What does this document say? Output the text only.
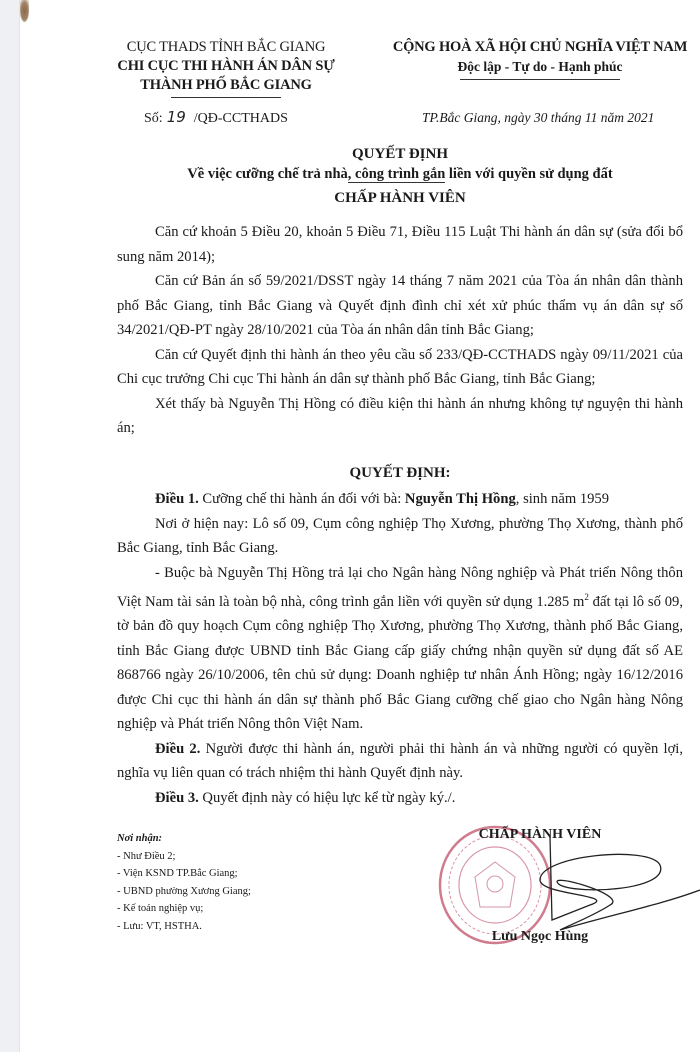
CỤC THADS TỈNH BẮC GIANG
CHI CỤC THI HÀNH ÁN DÂN SỰ
THÀNH PHỐ BẮC GIANG
CỘNG HOÀ XÃ HỘI CHỦ NGHĨA VIỆT NAM
Độc lập - Tự do - Hạnh phúc
Số: 19 /QĐ-CCTHADS	TP.Bắc Giang, ngày 30 tháng 11 năm 2021
QUYẾT ĐỊNH
Về việc cưỡng chế trả nhà, công trình gắn liền với quyền sử dụng đất
CHẤP HÀNH VIÊN

Căn cứ khoản 5 Điều 20, khoản 5 Điều 71, Điều 115 Luật Thi hành án dân sự (sửa đổi bổ sung năm 2014);

Căn cứ Bản án số 59/2021/DSST ngày 14 tháng 7 năm 2021 của Tòa án nhân dân thành phố Bắc Giang, tỉnh Bắc Giang và Quyết định đình chỉ xét xử phúc thẩm vụ án dân sự số 34/2021/QĐ-PT ngày 28/10/2021 của Tòa án nhân dân tỉnh Bắc Giang;

Căn cứ Quyết định thi hành án theo yêu cầu số 233/QĐ-CCTHADS ngày 09/11/2021 của Chi cục trưởng Chi cục Thi hành án dân sự thành phố Bắc Giang, tỉnh Bắc Giang;

Xét thấy bà Nguyễn Thị Hồng có điều kiện thi hành án nhưng không tự nguyện thi hành án;

QUYẾT ĐỊNH:

Điều 1. Cưỡng chế thi hành án đối với bà: Nguyễn Thị Hồng, sinh năm 1959

Nơi ở hiện nay: Lô số 09, Cụm công nghiệp Thọ Xương, phường Thọ Xương, thành phố Bắc Giang, tỉnh Bắc Giang.

- Buộc bà Nguyễn Thị Hồng trả lại cho Ngân hàng Nông nghiệp và Phát triển Nông thôn Việt Nam tài sản là toàn bộ nhà, công trình gắn liền với quyền sử dụng 1.285 $m^2$ đất tại lô số 09, tờ bản đồ quy hoạch Cụm công nghiệp Thọ Xương, phường Thọ Xương, thành phố Bắc Giang, tỉnh Bắc Giang được UBND tỉnh Bắc Giang cấp giấy chứng nhận quyền sử dụng đất số AE 868766 ngày 26/10/2006, tên chủ sử dụng: Doanh nghiệp tư nhân Ánh Hồng; ngày 16/12/2016 được Chi cục thi hành án dân sự thành phố Bắc Giang cưỡng chế giao cho Ngân hàng Nông nghiệp và Phát triển Nông thôn Việt Nam.

Điều 2. Người được thi hành án, người phải thi hành án và những người có quyền lợi, nghĩa vụ liên quan có trách nhiệm thi hành Quyết định này.

Điều 3. Quyết định này có hiệu lực kể từ ngày ký./.

Nơi nhận:
- Như Điều 2;
- Viện KSND TP.Bắc Giang;
- UBND phường Xương Giang;
- Kế toán nghiệp vụ;
- Lưu: VT, HSTHA.
CHẤP HÀNH VIÊN
Lưu Ngọc Hùng
